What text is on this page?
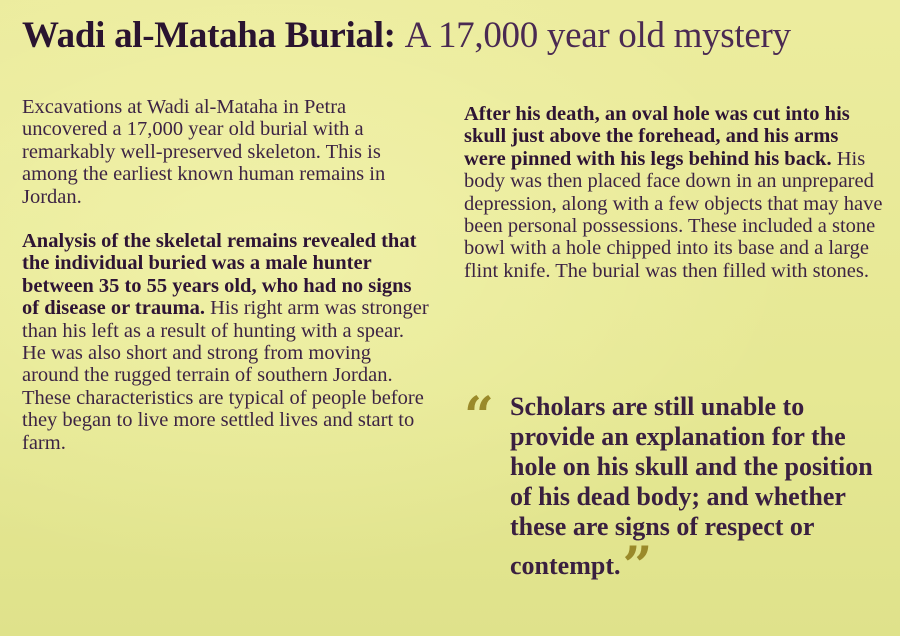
Wadi al-Mataha Burial: A 17,000 year old mystery

Excavations at Wadi al-Mataha in Petra uncovered a 17,000 year old burial with a remarkably well-preserved skeleton. This is among the earliest known human remains in Jordan.

Analysis of the skeletal remains revealed that the individual buried was a male hunter between 35 to 55 years old, who had no signs of disease or trauma. His right arm was stronger than his left as a result of hunting with a spear. He was also short and strong from moving around the rugged terrain of southern Jordan. These characteristics are typical of people before they began to live more settled lives and start to farm.

After his death, an oval hole was cut into his skull just above the forehead, and his arms were pinned with his legs behind his back. His body was then placed face down in an unprepared depression, along with a few objects that may have been personal possessions. These included a stone bowl with a hole chipped into its base and a large flint knife. The burial was then filled with stones.

“ Scholars are still unable to provide an explanation for the hole on his skull and the position of his dead body; and whether these are signs of respect or contempt.”
